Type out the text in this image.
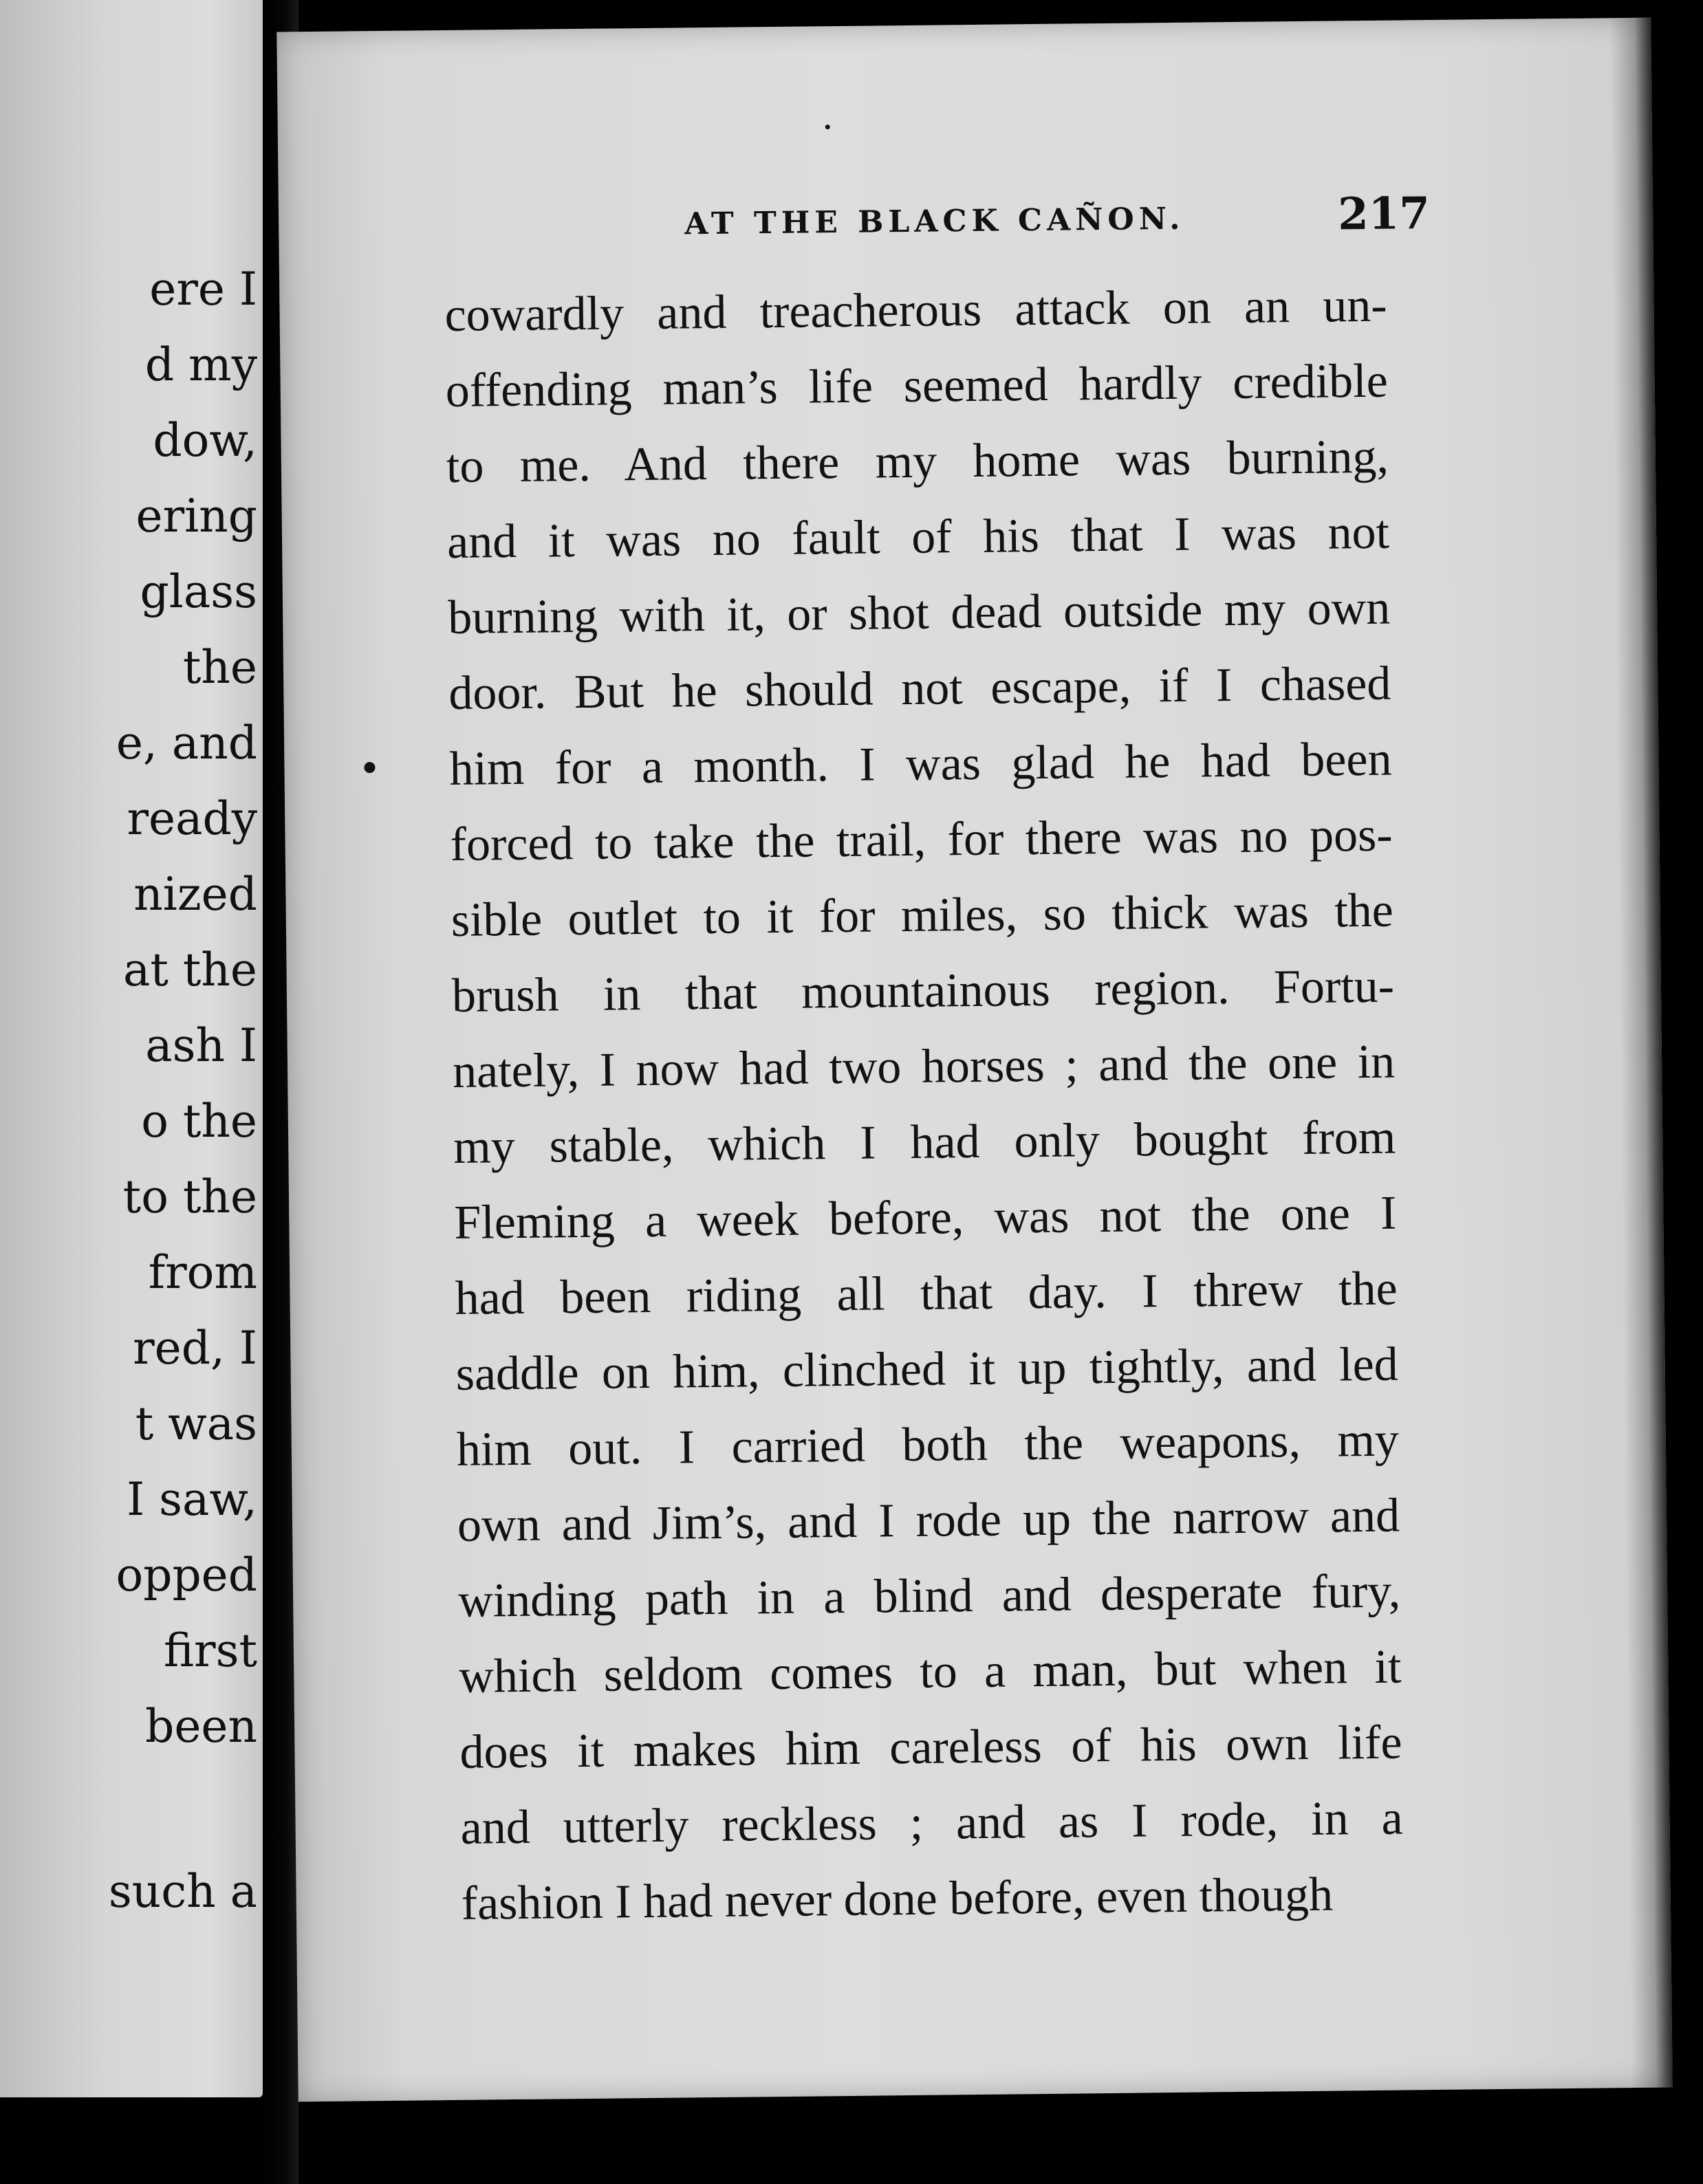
ere I

d my

dow,

ering

glass

the

e, and

ready

nized

at the

ash I

o the

to the

from

red, I

t was

I saw,

opped

first

been

such a

AT THE BLACK CAÑON.	217

cowardly and treacherous attack on an un-

offending man’s life seemed hardly credible

to me. And there my home was burning,

and it was no fault of his that I was not

burning with it, or shot dead outside my own

door. But he should not escape, if I chased

him for a month. I was glad he had been

forced to take the trail, for there was no pos-

sible outlet to it for miles, so thick was the

brush in that mountainous region. Fortu-

nately, I now had two horses ; and the one in

my stable, which I had only bought from

Fleming a week before, was not the one I

had been riding all that day. I threw the

saddle on him, clinched it up tightly, and led

him out. I carried both the weapons, my

own and Jim’s, and I rode up the narrow and

winding path in a blind and desperate fury,

which seldom comes to a man, but when it

does it makes him careless of his own life

and utterly reckless ; and as I rode, in a

fashion I had never done before, even though
